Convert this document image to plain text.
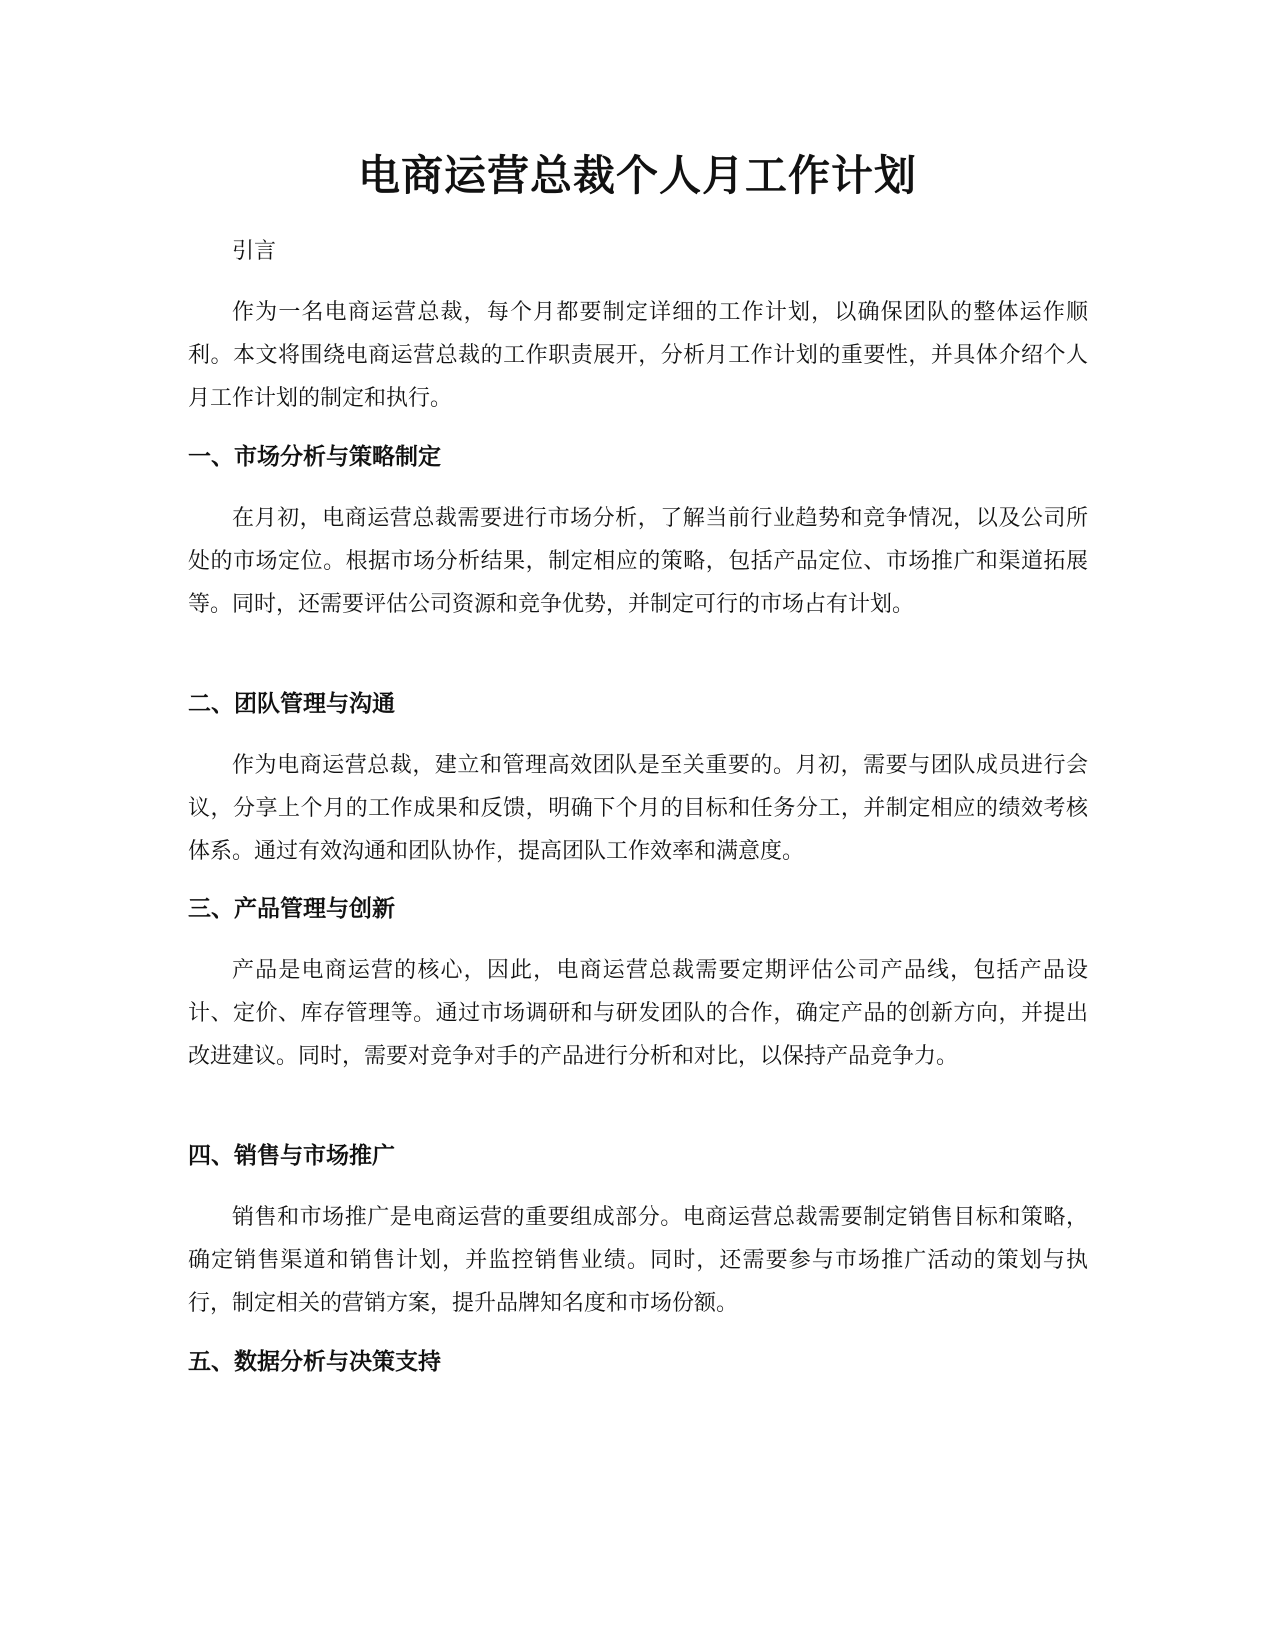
电商运营总裁个人月工作计划

引言

作为一名电商运营总裁，每个月都要制定详细的工作计划，以确保团队的整体运作顺利。本文将围绕电商运营总裁的工作职责展开，分析月工作计划的重要性，并具体介绍个人月工作计划的制定和执行。

一、市场分析与策略制定

在月初，电商运营总裁需要进行市场分析，了解当前行业趋势和竞争情况，以及公司所处的市场定位。根据市场分析结果，制定相应的策略，包括产品定位、市场推广和渠道拓展等。同时，还需要评估公司资源和竞争优势，并制定可行的市场占有计划。

二、团队管理与沟通

作为电商运营总裁，建立和管理高效团队是至关重要的。月初，需要与团队成员进行会议，分享上个月的工作成果和反馈，明确下个月的目标和任务分工，并制定相应的绩效考核体系。通过有效沟通和团队协作，提高团队工作效率和满意度。

三、产品管理与创新

产品是电商运营的核心，因此，电商运营总裁需要定期评估公司产品线，包括产品设计、定价、库存管理等。通过市场调研和与研发团队的合作，确定产品的创新方向，并提出改进建议。同时，需要对竞争对手的产品进行分析和对比，以保持产品竞争力。

四、销售与市场推广

销售和市场推广是电商运营的重要组成部分。电商运营总裁需要制定销售目标和策略，确定销售渠道和销售计划，并监控销售业绩。同时，还需要参与市场推广活动的策划与执行，制定相关的营销方案，提升品牌知名度和市场份额。

五、数据分析与决策支持
